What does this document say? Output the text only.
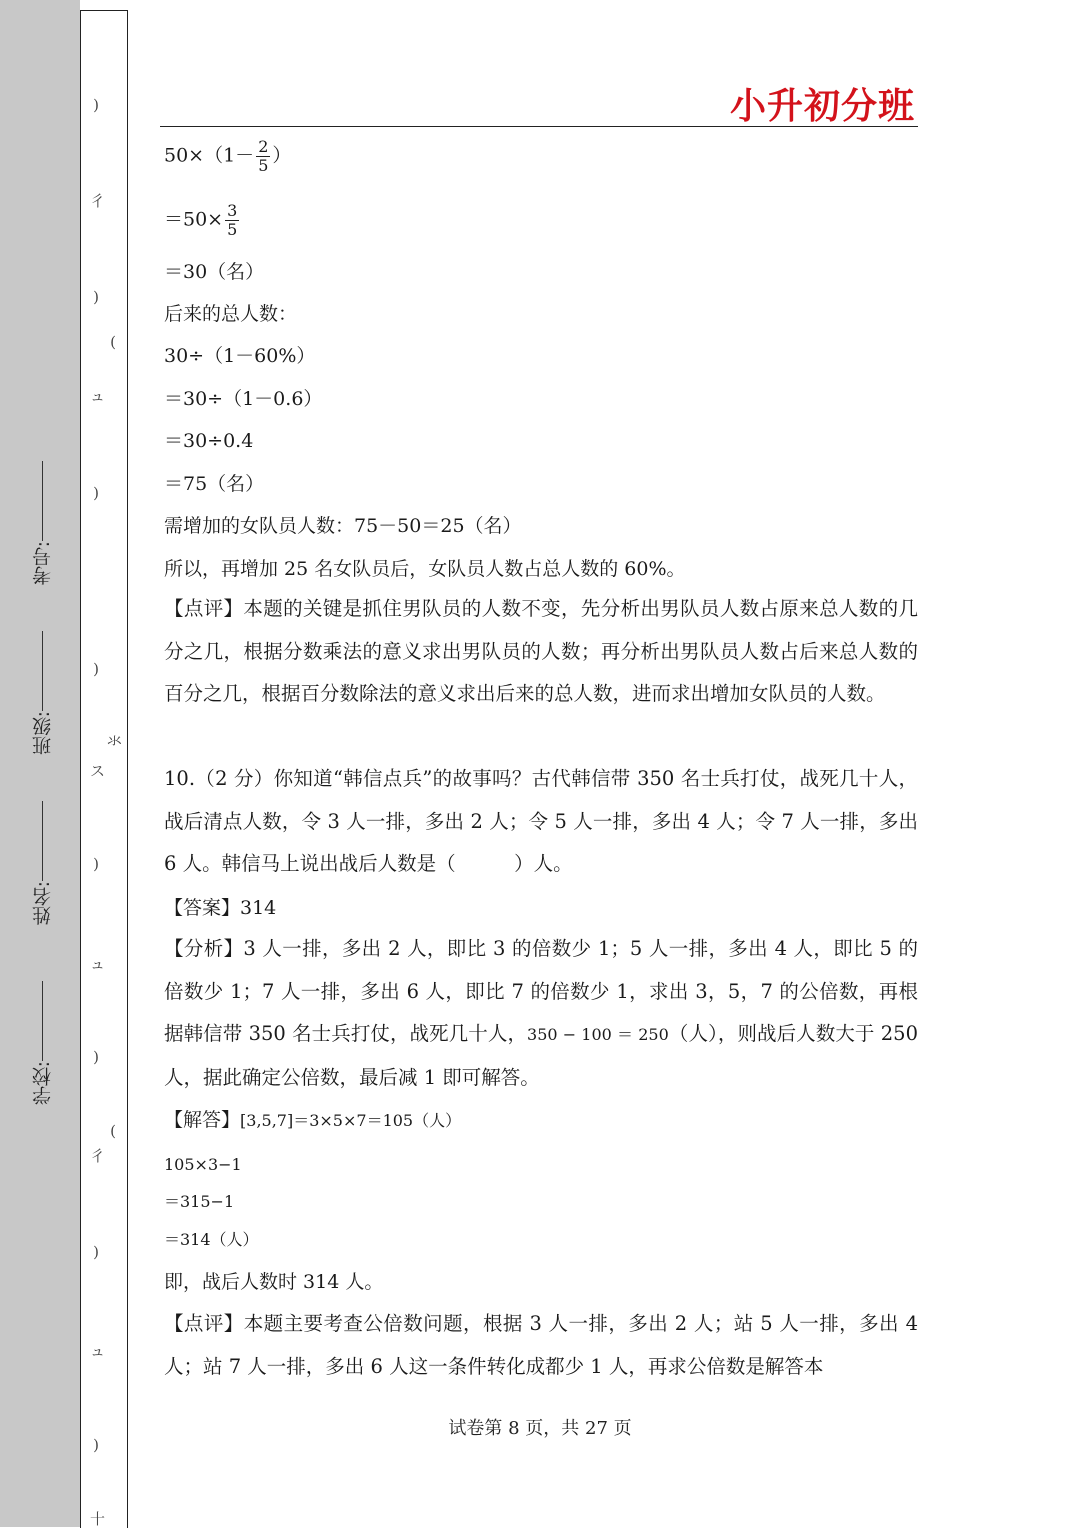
)
彳
)
(
ュ
)
)
ス
氺
)
ュ
)
(
彳
)
ュ
)
十
学校:
姓名:
班级:
考号:
小升初分班
$50\times(1- \frac{2}{5}$ ）
$=50\times \frac{3}{5}$
＝30（名）
后来的总人数：
30÷（1－60%）
＝30÷（1－0.6）
＝30÷0.4
＝75（名）
需增加的女队员人数：75－50＝25（名）
所以，再增加 25 名女队员后，女队员人数占总人数的 60%。
【点评】本题的关键是抓住男队员的人数不变，先分析出男队员人数占原来总人数的几分之几，根据分数乘法的意义求出男队员的人数；再分析出男队员人数占后来总人数的百分之几，根据百分数除法的意义求出后来的总人数，进而求出增加女队员的人数。
10.（2 分）你知道“韩信点兵”的故事吗？古代韩信带 350 名士兵打仗，战死几十人，战后清点人数，令 3 人一排，多出 2 人；令 5 人一排，多出 4 人；令 7 人一排，多出 6 人。韩信马上说出战后人数是（　　　）人。
【答案】314
【分析】3 人一排，多出 2 人，即比 3 的倍数少 1；5 人一排，多出 4 人，即比 5 的倍数少 1；7 人一排，多出 6 人，即比 7 的倍数少 1，求出 3，5，7 的公倍数，再根据韩信带 350 名士兵打仗，战死几十人，350 − 100 ＝ 250（人），则战后人数大于 250 人，据此确定公倍数，最后减 1 即可解答。
【解答】[3,5,7]＝3×5×7＝105（人）
105×3−1
＝315−1
＝314（人）
即，战后人数时 314 人。
【点评】本题主要考查公倍数问题，根据 3 人一排，多出 2 人；站 5 人一排，多出 4 人；站 7 人一排，多出 6 人这一条件转化成都少 1 人，再求公倍数是解答本
试卷第 8 页，共 27 页
